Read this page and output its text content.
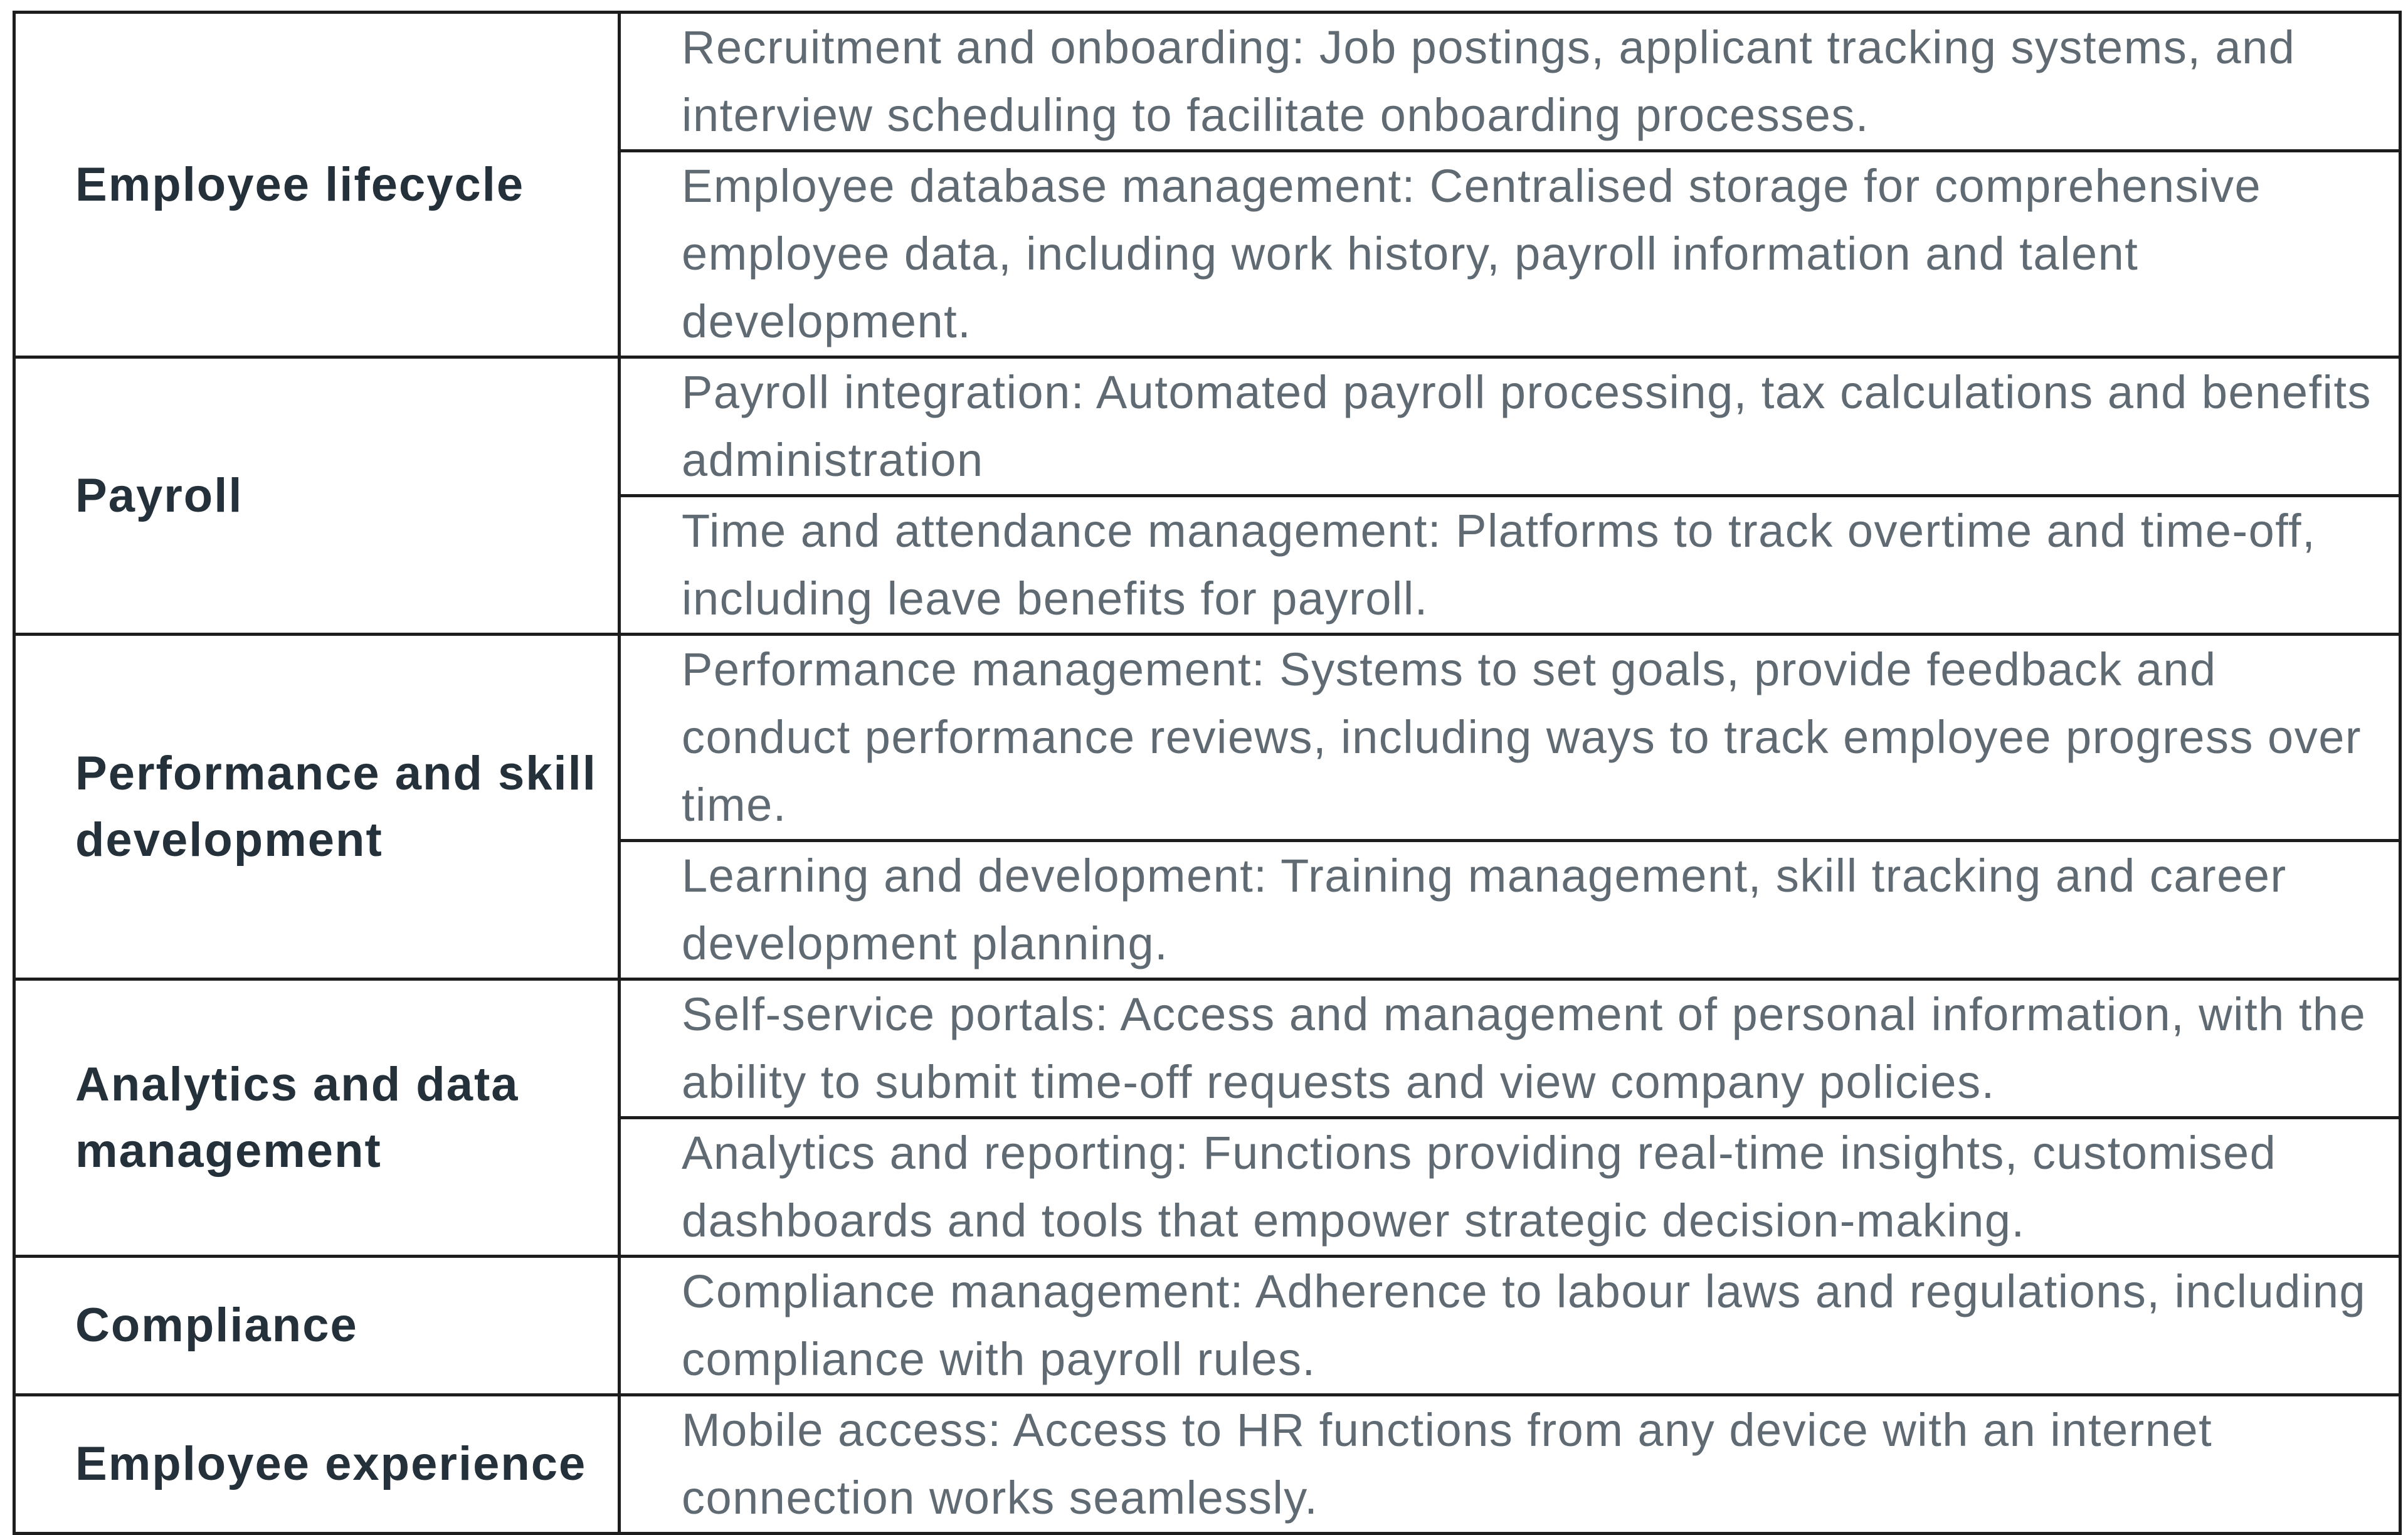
Employee lifecycle	Recruitment and onboarding: Job postings, applicant tracking systems, and interview scheduling to facilitate onboarding processes.

	Employee database management: Centralised storage for comprehensive employee data, including work history, payroll information and talent development.

Payroll	Payroll integration: Automated payroll processing, tax calculations and benefits administration

	Time and attendance management: Platforms to track overtime and time-off, including leave benefits for payroll.

Performance and skill development	Performance management: Systems to set goals, provide feedback and conduct performance reviews, including ways to track employee progress over time.

	Learning and development: Training management, skill tracking and career development planning.

Analytics and data management	Self-service portals: Access and management of personal information, with the ability to submit time-off requests and view company policies.

	Analytics and reporting: Functions providing real-time insights, customised dashboards and tools that empower strategic decision-making.

Compliance	Compliance management: Adherence to labour laws and regulations, including compliance with payroll rules.

Employee experience	Mobile access: Access to HR functions from any device with an internet connection works seamlessly.
